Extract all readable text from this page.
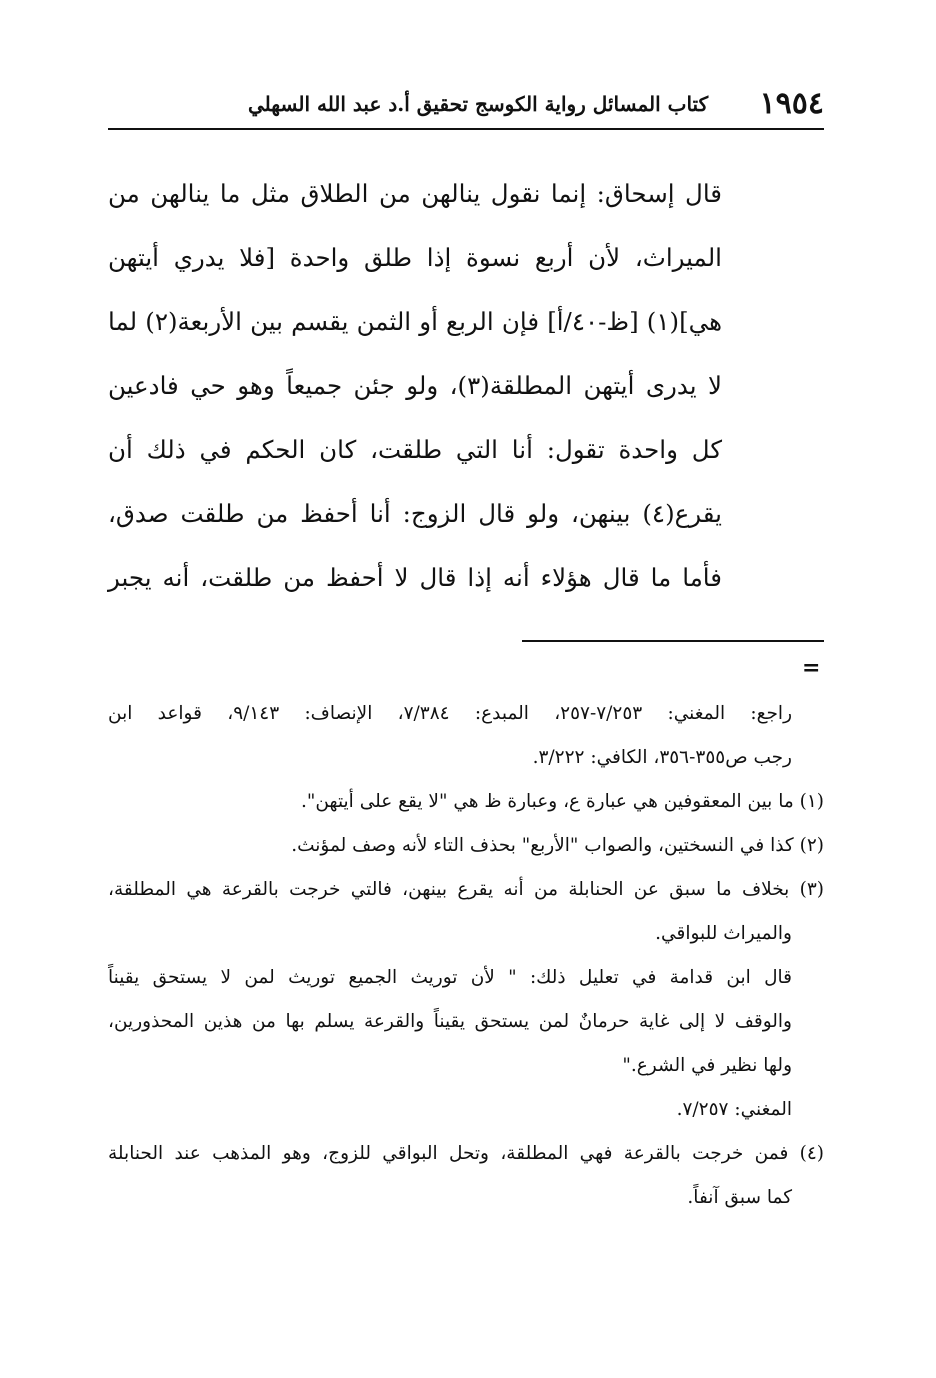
١٩٥٤
كتاب المسائل رواية الكوسج تحقيق أ.د عبد الله السهلي

قال إسحاق: إنما نقول ينالهن من الطلاق مثل ما ينالهن من

الميراث، لأن أربع نسوة إذا طلق واحدة [فلا يدري أيتهن

هي](١) [ظ-٤٠/أ] فإن الربع أو الثمن يقسم بين الأربعة(٢) لما

لا يدرى أيتهن المطلقة(٣)، ولو جئن جميعاً وهو حي فادعين

كل واحدة تقول: أنا التي طلقت، كان الحكم في ذلك أن

يقرع(٤) بينهن، ولو قال الزوج: أنا أحفظ من طلقت صدق،

فأما ما قال هؤلاء أنه إذا قال لا أحفظ من طلقت، أنه يجبر

=

راجع: المغني: ٧/٢٥٣-٢٥٧، المبدع: ٧/٣٨٤، الإنصاف: ٩/١٤٣، قواعد ابن

رجب ص٣٥٥-٣٥٦، الكافي: ٣/٢٢٢.

(١) ما بين المعقوفين هي عبارة ع، وعبارة ظ هي "لا يقع على أيتهن".

(٢) كذا في النسختين، والصواب "الأربع" بحذف التاء لأنه وصف لمؤنث.

(٣) بخلاف ما سبق عن الحنابلة من أنه يقرع بينهن، فالتي خرجت بالقرعة هي المطلقة،

والميراث للبواقي.

قال ابن قدامة في تعليل ذلك: " لأن توريث الجميع توريث لمن لا يستحق يقيناً

والوقف لا إلى غاية حرمانٌ لمن يستحق يقيناً والقرعة يسلم بها من هذين المحذورين،

ولها نظير في الشرع."

المغني: ٧/٢٥٧.

(٤) فمن خرجت بالقرعة فهي المطلقة، وتحل البواقي للزوج، وهو المذهب عند الحنابلة

كما سبق آنفاً.
